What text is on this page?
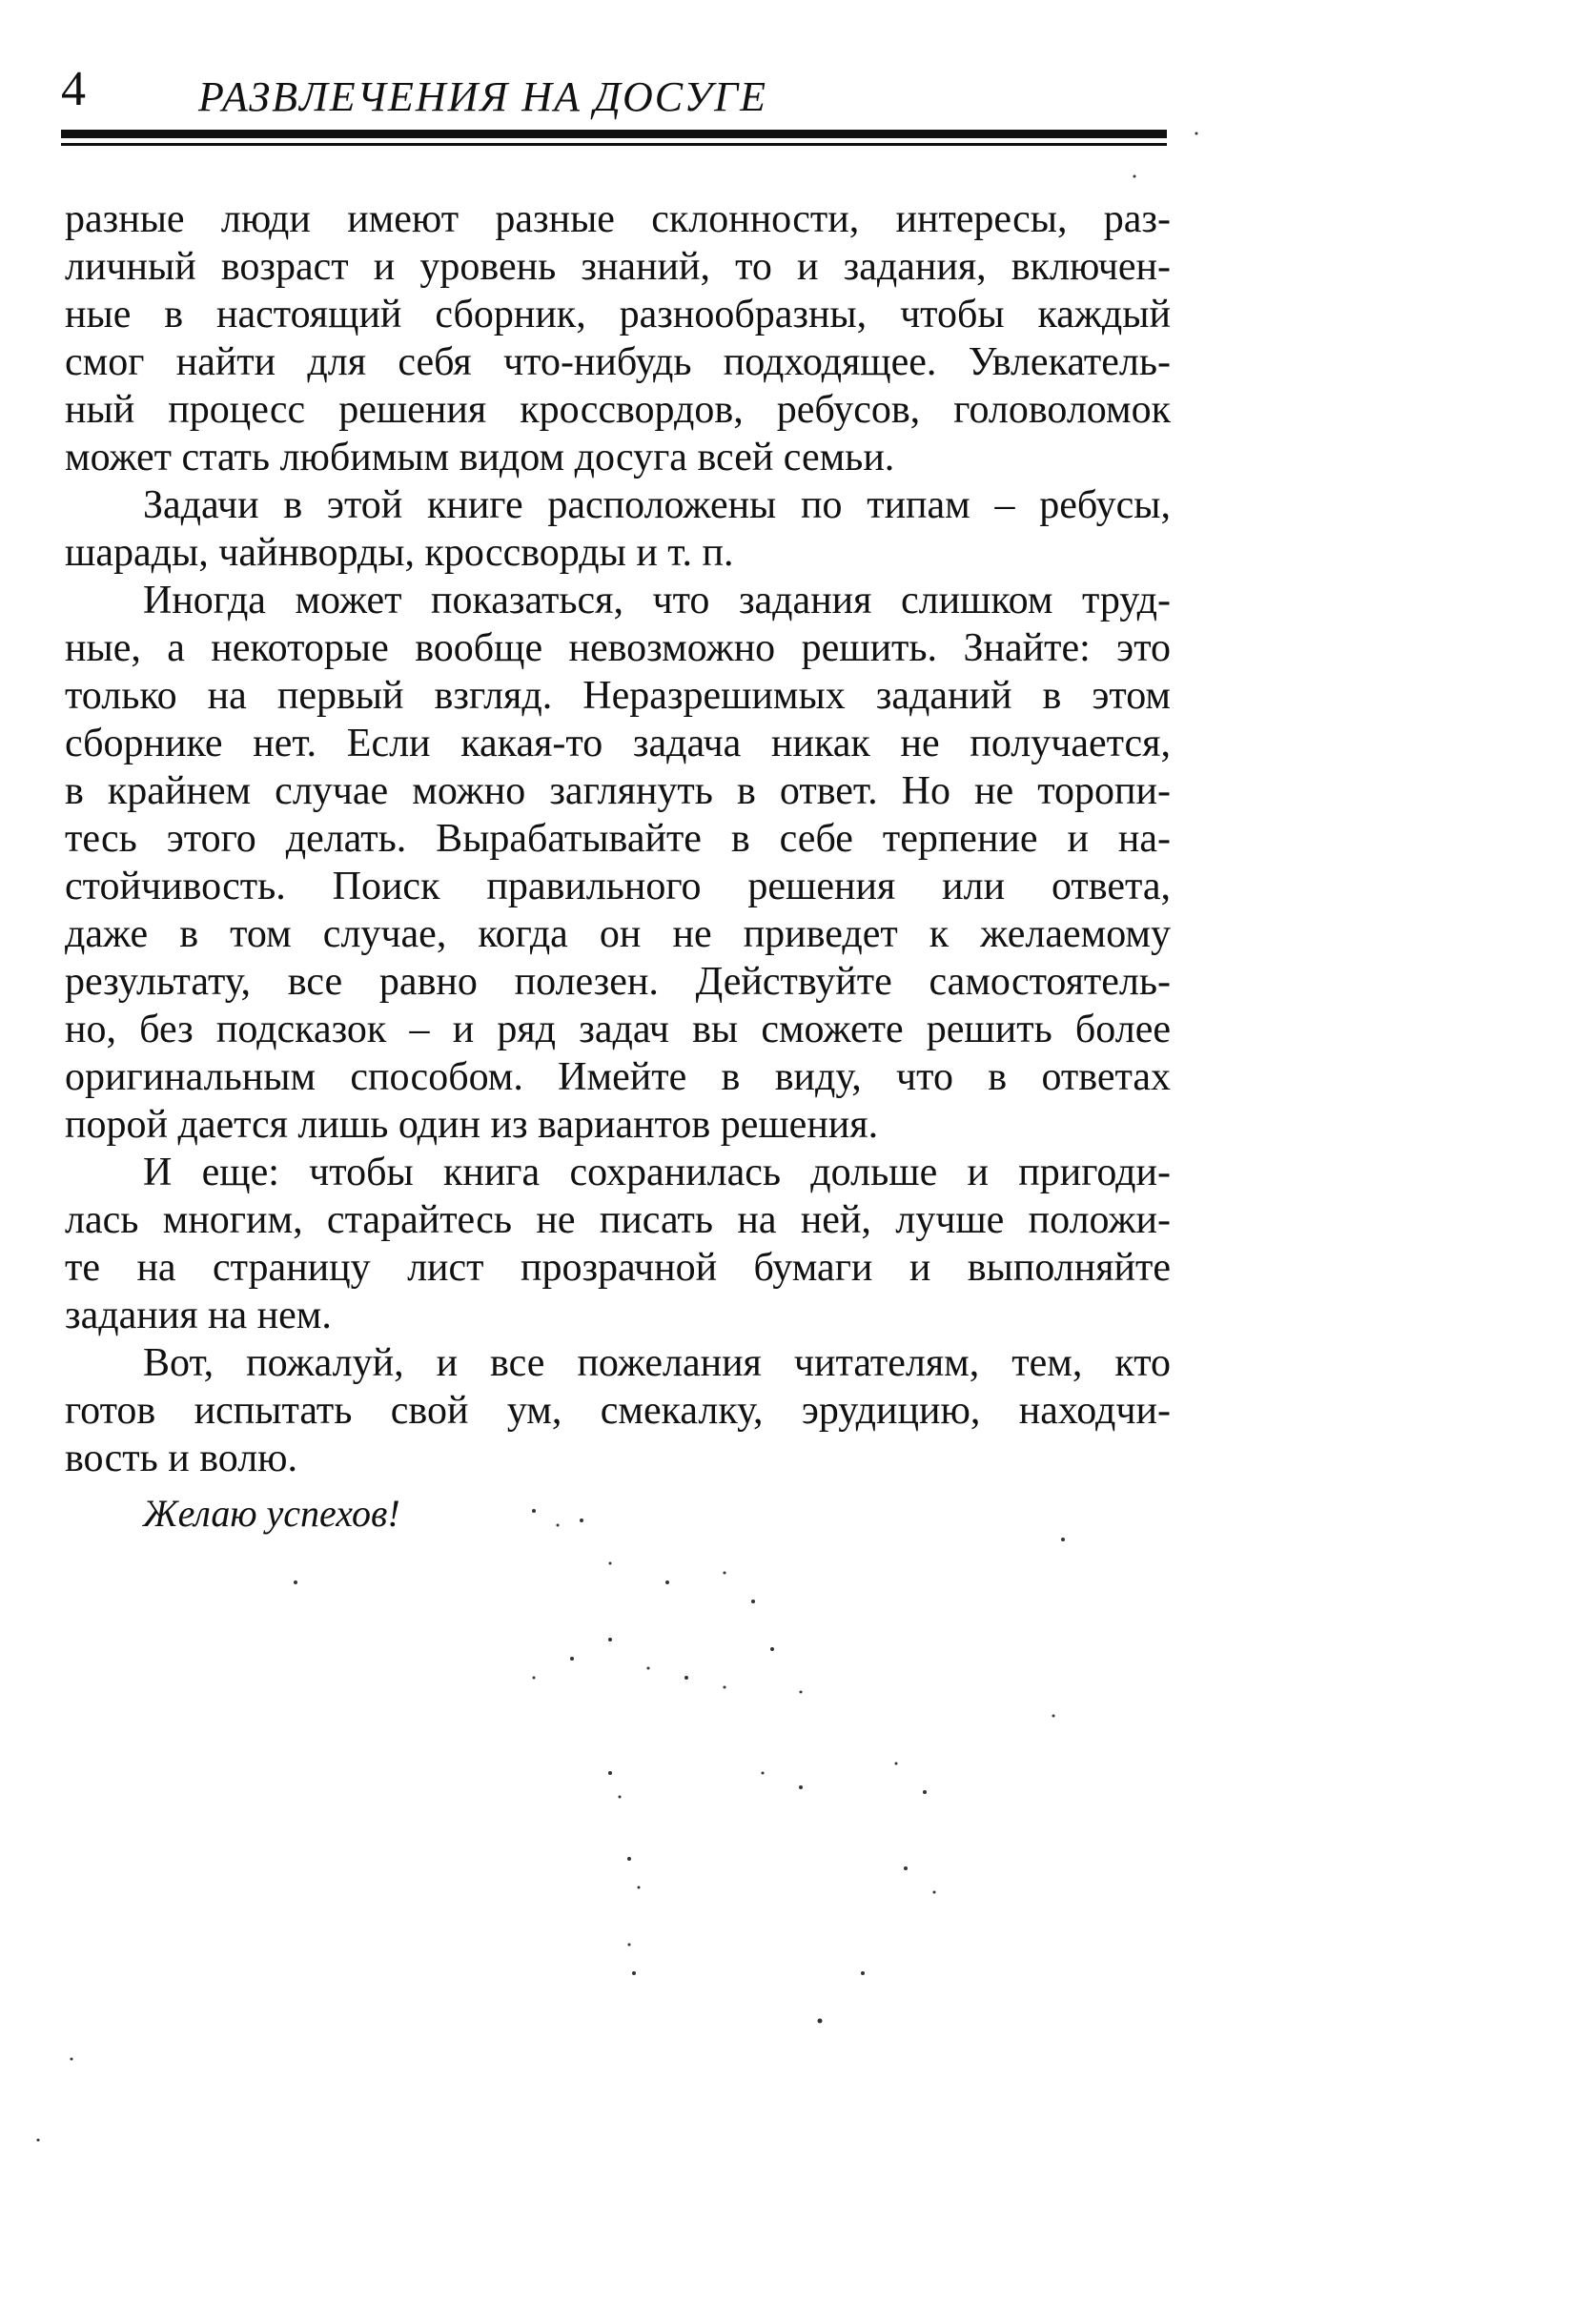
4	РАЗВЛЕЧЕНИЯ НА ДОСУГЕ
разные люди имеют разные склонности, интересы, раз-
личный возраст и уровень знаний, то и задания, включен-
ные в настоящий сборник, разнообразны, чтобы каждый
смог найти для себя что-нибудь подходящее. Увлекатель-
ный процесс решения кроссвордов, ребусов, головоломок
может стать любимым видом досуга всей семьи.
Задачи в этой книге расположены по типам – ребусы,
шарады, чайнворды, кроссворды и т. п.
Иногда может показаться, что задания слишком труд-
ные, а некоторые вообще невозможно решить. Знайте: это
только на первый взгляд. Неразрешимых заданий в этом
сборнике нет. Если какая-то задача никак не получается,
в крайнем случае можно заглянуть в ответ. Но не торопи-
тесь этого делать. Вырабатывайте в себе терпение и на-
стойчивость. Поиск правильного решения или ответа,
даже в том случае, когда он не приведет к желаемому
результату, все равно полезен. Действуйте самостоятель-
но, без подсказок – и ряд задач вы сможете решить более
оригинальным способом. Имейте в виду, что в ответах
порой дается лишь один из вариантов решения.
И еще: чтобы книга сохранилась дольше и пригоди-
лась многим, старайтесь не писать на ней, лучше положи-
те на страницу лист прозрачной бумаги и выполняйте
задания на нем.
Вот, пожалуй, и все пожелания читателям, тем, кто
готов испытать свой ум, смекалку, эрудицию, находчи-
вость и волю.
Желаю успехов!
